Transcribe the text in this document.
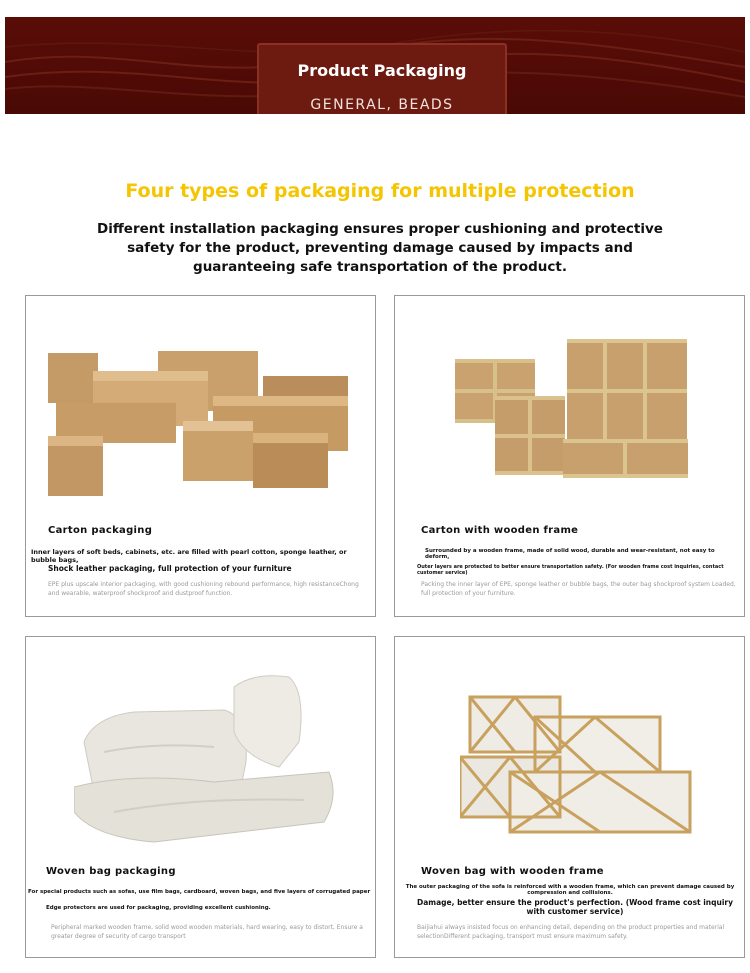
Product Packaging
GENERAL, BEADS
Four types of packaging for multiple protection
Different installation packaging ensures proper cushioning and protective safety for the product, preventing damage caused by impacts and guaranteeing safe transportation of the product.
Carton packaging
Inner layers of soft beds, cabinets, etc. are filled with pearl cotton, sponge leather, or bubble bags,
Shock leather packaging, full protection of your furniture
EPE plus upscale interior packaging, with good cushioning rebound performance, high resistanceChong and wearable, waterproof shockproof and dustproof function.
Carton with wooden frame
Surrounded by a wooden frame, made of solid wood, durable and wear-resistant, not easy to deform,
Outer layers are protected to better ensure transportation safety. (For wooden frame cost inquiries, contact customer service)
Packing the inner layer of EPE, sponge leather or bubble bags, the outer bag shockproof system Loaded, full protection of your furniture.
Woven bag packaging
For special products such as sofas, use film bags, cardboard, woven bags, and five layers of corrugated paper
Edge protectors are used for packaging, providing excellent cushioning.
Peripheral marked wooden frame, solid wood wooden materials, hard wearing, easy to distort, Ensure a greater degree of security of cargo transport
Woven bag with wooden frame
The outer packaging of the sofa is reinforced with a wooden frame, which can prevent damage caused by compression and collisions.
Damage, better ensure the product's perfection. (Wood frame cost inquiry with customer service)
Baijiahui always insisted focus on enhancing detail, depending on the product properties and material selectionDifferent packaging, transport must ensure maximum safety.
